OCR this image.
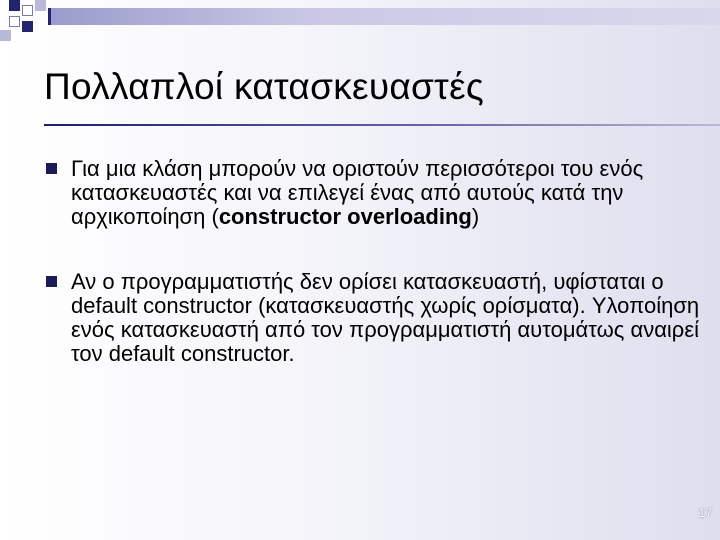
Πολλαπλοί κατασκευαστές
Για μια κλάση μπορούν να οριστούν περισσότεροι του ενός κατασκευαστές και να επιλεγεί ένας από αυτούς κατά την αρχικοποίηση (constructor overloading)
Αν ο προγραμματιστής δεν ορίσει κατασκευαστή, υφίσταται ο default constructor (κατασκευαστής χωρίς ορίσματα). Υλοποίηση ενός κατασκευαστή από τον προγραμματιστή αυτομάτως αναιρεί τον default constructor.
17
